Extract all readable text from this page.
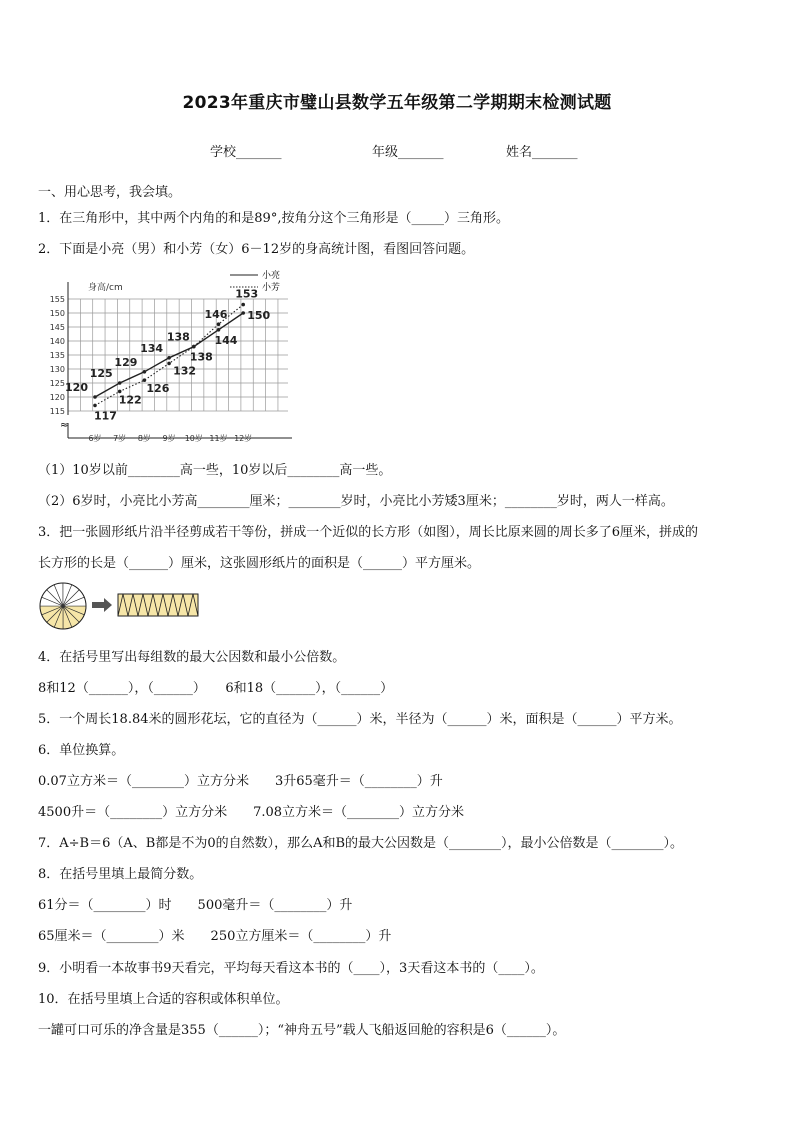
2023年重庆市璧山县数学五年级第二学期期末检测试题
学校_______	年级_______	姓名_______
一、用心思考，我会填。
1．在三角形中，其中两个内角的和是89°,按角分这个三角形是（_____）三角形。
2．下面是小亮（男）和小芳（女）6－12岁的身高统计图，看图回答问题。
≈
身高/cm
155
150
145
140
135
130
125
120
115
6岁 7岁 8岁 9岁 10岁 11岁 12岁
小亮
小芳
120
125
129
134
138 144
150
117
122
126
132
138
146
153
（1）10岁以前________高一些，10岁以后________高一些。
（2）6岁时，小亮比小芳高________厘米；________岁时，小亮比小芳矮3厘米；________岁时，两人一样高。
3．把一张圆形纸片沿半径剪成若干等份，拼成一个近似的长方形（如图），周长比原来圆的周长多了6厘米，拼成的
长方形的长是（______）厘米，这张圆形纸片的面积是（______）平方厘米。
4．在括号里写出每组数的最大公因数和最小公倍数。
8和12（______），（______）　　6和18（______），（______）
5．一个周长18.84米的圆形花坛，它的直径为（______）米，半径为（______）米，面积是（______）平方米。
6．单位换算。
0.07立方米＝（________）立方分米　　3升65毫升＝（________）升
4500升＝（________）立方分米　　7.08立方米＝（________）立方分米
7．A÷B＝6（A、B都是不为0的自然数），那么A和B的最大公因数是（________），最小公倍数是（________）。
8．在括号里填上最简分数。
61分＝（________）时　　500毫升＝（________）升
65厘米＝（________）米　　250立方厘米＝（________）升
9．小明看一本故事书9天看完，平均每天看这本书的（____），3天看这本书的（____）。
10．在括号里填上合适的容积或体积单位。
一罐可口可乐的净含量是355（______）；“神舟五号”载人飞船返回舱的容积是6（______）。
